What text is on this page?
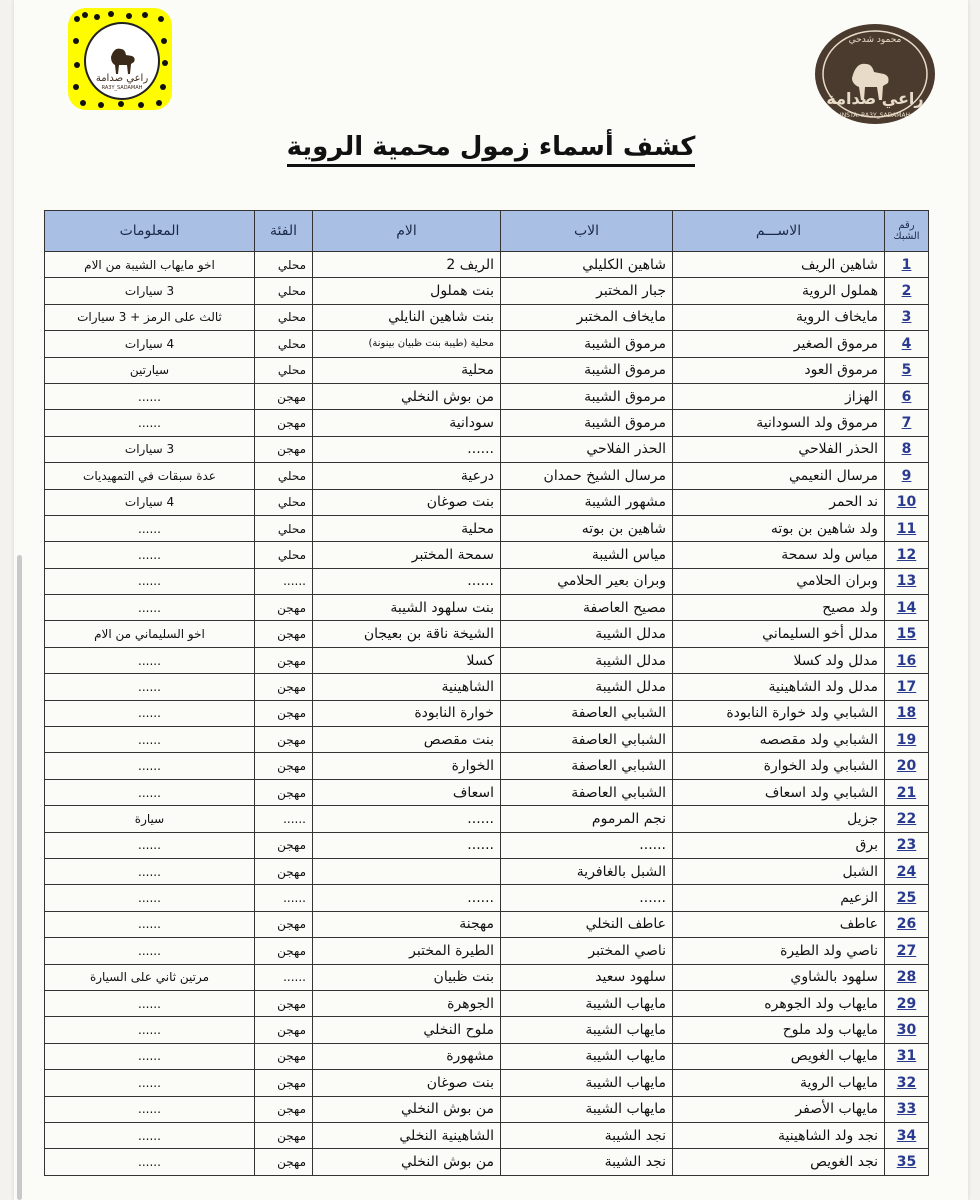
راعي صدامة
RA3Y_SADAMAH
محمود شدحي
راعي صدامة
INSTA: RA3Y_SADAMAH
كشف أسماء زمول محمية الروية
رقم الشبك	الاســـم	الاب	الام	الفئة	المعلومات
1	شاهين الريف	شاهين الكليلي	الريف 2	محلي	اخو مايهاب الشيبة من الام
2	هملول الروية	جبار المختبر	بنت هملول	محلي	3 سيارات
3	مايخاف الروية	مايخاف المختبر	بنت شاهين النايلي	محلي	ثالث على الرمز + 3 سيارات
4	مرموق الصغير	مرموق الشيبة	محلية (طيبة بنت ظبيان بينونة)	محلي	4 سيارات
5	مرموق العود	مرموق الشيبة	محلية	محلي	سيارتين
6	الهزاز	مرموق الشيبة	من بوش النخلي	مهجن	......
7	مرموق ولد السودانية	مرموق الشيبة	سودانية	مهجن	......
8	الحذر الفلاحي	الحذر الفلاحي	......	مهجن	3 سيارات
9	مرسال النعيمي	مرسال الشيخ حمدان	درعية	محلي	عدة سبقات في التمهيديات
10	ند الحمر	مشهور الشيبة	بنت صوغان	محلي	4 سيارات
11	ولد شاهين بن بوته	شاهين بن بوته	محلية	محلي	......
12	مياس ولد سمحة	مياس الشيبة	سمحة المختبر	محلي	......
13	وبران الحلامي	وبران بعير الحلامي	......	......	......
14	ولد مصيح	مصيح العاصفة	بنت سلهود الشيبة	مهجن	......
15	مدلل أخو السليماني	مدلل الشيبة	الشيخة ناقة بن بعيجان	مهجن	اخو السليماني من الام
16	مدلل ولد كسلا	مدلل الشيبة	كسلا	مهجن	......
17	مدلل ولد الشاهينية	مدلل الشيبة	الشاهينية	مهجن	......
18	الشبابي ولد خوارة النابودة	الشبابي العاصفة	خوارة النابودة	مهجن	......
19	الشبابي ولد مقصصه	الشبابي العاصفة	بنت مقصص	مهجن	......
20	الشبابي ولد الخوارة	الشبابي العاصفة	الخوارة	مهجن	......
21	الشبابي ولد اسعاف	الشبابي العاصفة	اسعاف	مهجن	......
22	جزيل	نجم المرموم	......	......	سيارة
23	برق	......	......	مهجن	......
24	الشبل	الشبل بالغافرية		مهجن	......
25	الزعيم	......	......	......	......
26	عاطف	عاطف النخلي	مهجنة	مهجن	......
27	ناصي ولد الطيرة	ناصي المختبر	الطيرة المختبر	مهجن	......
28	سلهود بالشاوي	سلهود سعيد	بنت ظبيان	......	مرتين ثاني على السيارة
29	مايهاب ولد الجوهره	مايهاب الشيبة	الجوهرة	مهجن	......
30	مايهاب ولد ملوح	مايهاب الشيبة	ملوح النخلي	مهجن	......
31	مايهاب الغويص	مايهاب الشيبة	مشهورة	مهجن	......
32	مايهاب الروية	مايهاب الشيبة	بنت صوغان	مهجن	......
33	مايهاب الأصفر	مايهاب الشيبة	من بوش النخلي	مهجن	......
34	نجد ولد الشاهينية	نجد الشيبة	الشاهينية النخلي	مهجن	......
35	نجد الغويص	نجد الشيبة	من بوش النخلي	مهجن	......
